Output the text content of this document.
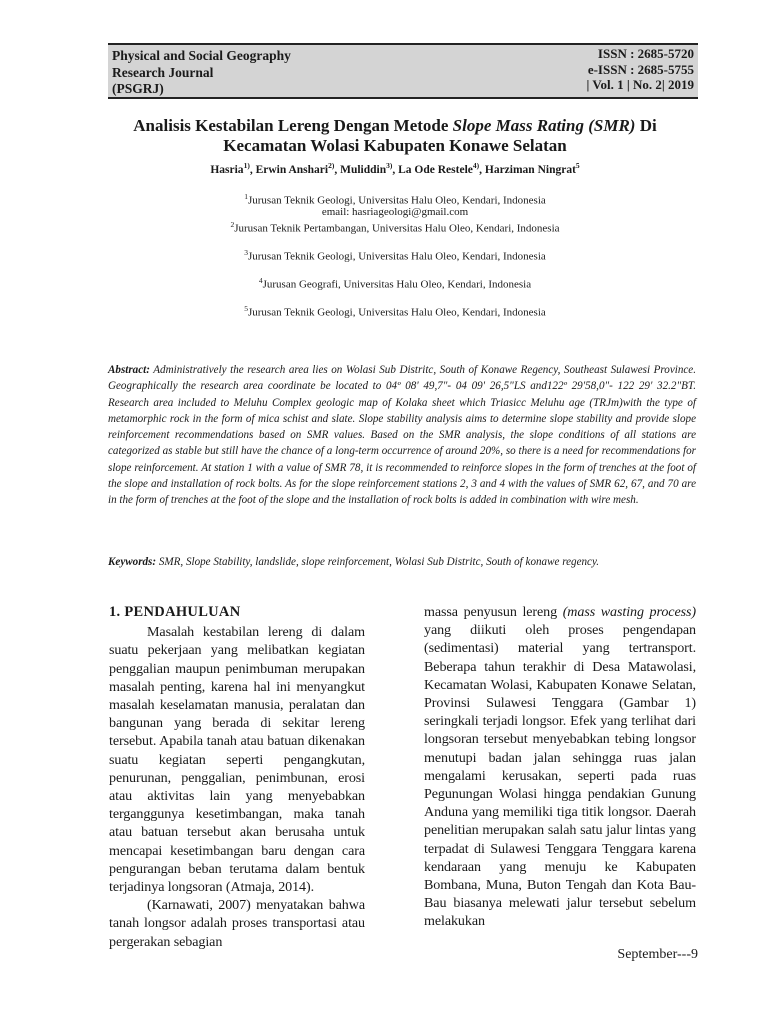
Physical and Social Geography
Research Journal
(PSGRJ)
ISSN : 2685-5720
e-ISSN : 2685-5755
| Vol. 1 | No. 2| 2019
Analisis Kestabilan Lereng Dengan Metode Slope Mass Rating (SMR) Di
Kecamatan Wolasi Kabupaten Konawe Selatan
Hasria$^{1)}$, Erwin Anshari$^{2)}$, Muliddin$^{3)}$, La Ode Restele$^{4)}$, Harziman Ningrat$^5$
$^1$Jurusan Teknik Geologi, Universitas Halu Oleo, Kendari, Indonesia
email: hasriageologi@gmail.com
$^2$Jurusan Teknik Pertambangan, Universitas Halu Oleo, Kendari, Indonesia
$^3$Jurusan Teknik Geologi, Universitas Halu Oleo, Kendari, Indonesia
$^4$Jurusan Geografi, Universitas Halu Oleo, Kendari, Indonesia
$^5$Jurusan Teknik Geologi, Universitas Halu Oleo, Kendari, Indonesia
Abstract: Administratively the research area lies on Wolasi Sub Distritc, South of Konawe Regency, Southeast Sulawesi Province. Geographically the research area coordinate be located to 04º 08' 49,7"- 04 09' 26,5"LS and122º 29'58,0"- 122 29' 32.2"BT. Research area included to Meluhu Complex geologic map of Kolaka sheet which Triasicc Meluhu age (TRJm)with the type of metamorphic rock in the form of mica schist and slate. Slope stability analysis aims to determine slope stability and provide slope reinforcement recommendations based on SMR values. Based on the SMR analysis, the slope conditions of all stations are categorized as stable but still have the chance of a long-term occurrence of around 20%, so there is a need for recommendations for slope reinforcement. At station 1 with a value of SMR 78, it is recommended to reinforce slopes in the form of trenches at the foot of the slope and installation of rock bolts. As for the slope reinforcement stations 2, 3 and 4 with the values of SMR 62, 67, and 70 are in the form of trenches at the foot of the slope and the installation of rock bolts is added in combination with wire mesh.
Keywords: SMR, Slope Stability, landslide, slope reinforcement, Wolasi Sub Distritc, South of konawe regency.

1. PENDAHULUAN

Masalah kestabilan lereng di dalam suatu pekerjaan yang melibatkan kegiatan penggalian maupun penimbuman merupakan masalah penting, karena hal ini menyangkut masalah keselamatan manusia, peralatan dan bangunan yang berada di sekitar lereng tersebut. Apabila tanah atau batuan dikenakan suatu kegiatan seperti pengangkutan, penurunan, penggalian, penimbunan, erosi atau aktivitas lain yang menyebabkan terganggunya kesetimbangan, maka tanah atau batuan tersebut akan berusaha untuk mencapai kesetimbangan baru dengan cara pengurangan beban terutama dalam bentuk terjadinya longsoran (Atmaja, 2014).

(Karnawati, 2007) menyatakan bahwa tanah longsor adalah proses transportasi atau pergerakan sebagian

massa penyusun lereng (mass wasting process) yang diikuti oleh proses pengendapan (sedimentasi) material yang tertransport. Beberapa tahun terakhir di Desa Matawolasi, Kecamatan Wolasi, Kabupaten Konawe Selatan, Provinsi Sulawesi Tenggara (Gambar 1) seringkali terjadi longsor. Efek yang terlihat dari longsoran tersebut menyebabkan tebing longsor menutupi badan jalan sehingga ruas jalan mengalami kerusakan, seperti pada ruas Pegunungan Wolasi hingga pendakian Gunung Anduna yang memiliki tiga titik longsor. Daerah penelitian merupakan salah satu jalur lintas yang terpadat di Sulawesi Tenggara Tenggara karena kendaraan yang menuju ke Kabupaten Bombana, Muna, Buton Tengah dan Kota Bau-Bau biasanya melewati jalur tersebut sebelum melakukan

September---9
